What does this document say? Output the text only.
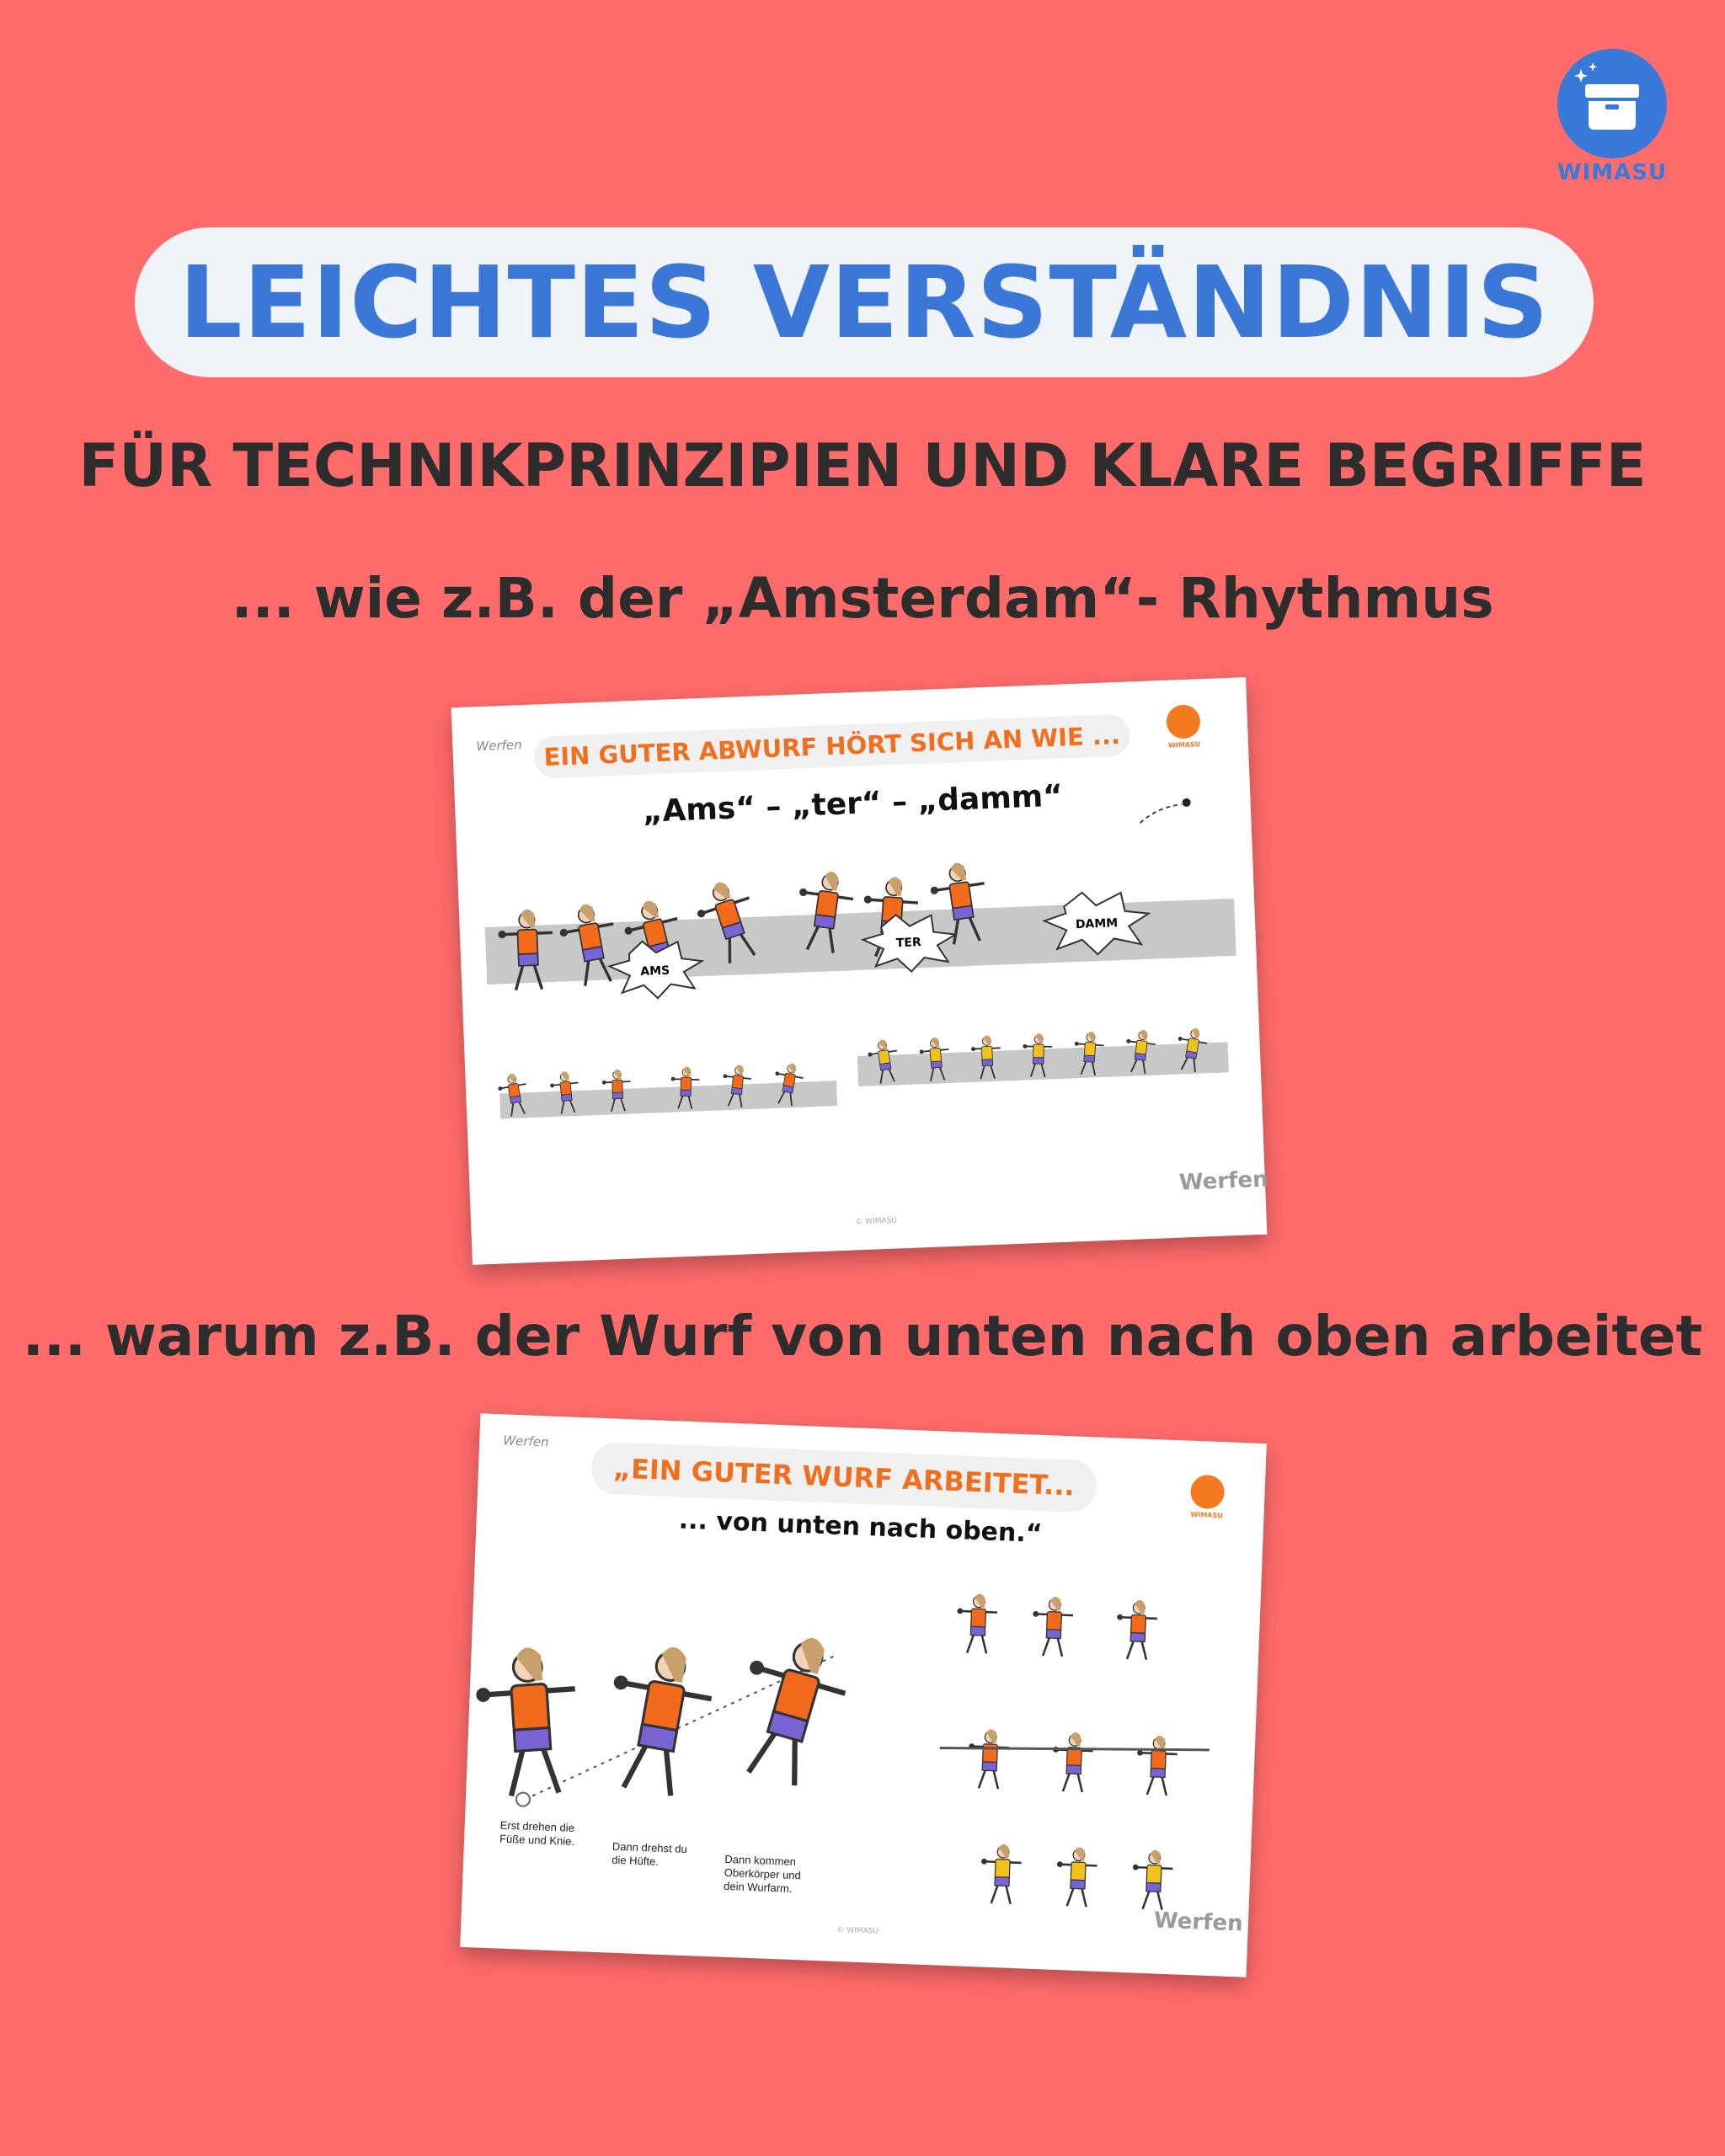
WIMASU
LEICHTES VERSTÄNDNIS
FÜR TECHNIKPRINZIPIEN UND KLARE BEGRIFFE
... wie z.B. der „Amsterdam“- Rhythmus
Werfen EIN GUTER ABWURF HÖRT SICH AN WIE ...	WIMASU
„Ams“ – „ter“ – „damm“
AMS
TER
DAMM
Werfen
© WIMASU
... warum z.B. der Wurf von unten nach oben arbeitet
Werfen
„EIN GUTER WURF ARBEITET...
WIMASU
... von unten nach oben.“
Erst drehen die
Füße und Knie.	Dann drehst du
die Hüfte.	Dann kommen
Oberkörper und
dein Wurfarm.
Werfen
© WIMASU
